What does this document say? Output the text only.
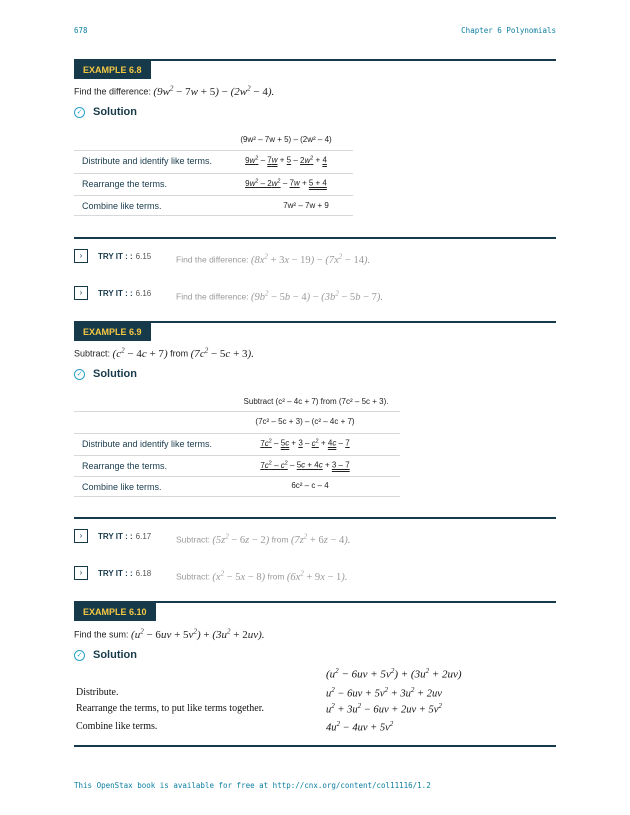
678	Chapter 6 Polynomials
EXAMPLE 6.8
Find the difference: $(9w^2 - 7w + 5) - (2w^2 - 4)$.
✓ Solution
(9w² – 7w + 5) – (2w² – 4)
Distribute and identify like terms.	$9w^2 - 7w + 5 - 2w^2 + 4$
Rearrange the terms.	$9w^2 - 2w^2 - 7w + 5 + 4$
Combine like terms.	7w² – 7w + 9
›	TRY IT : : 6.15	Find the difference: $(8x^2 + 3x - 19) - (7x^2 - 14)$.
›	TRY IT : : 6.16	Find the difference: $(9b^2 - 5b - 4) - (3b^2 - 5b - 7)$.
EXAMPLE 6.9
Subtract: $(c^2 - 4c + 7)$ from $(7c^2 - 5c + 3)$.
✓ Solution
Subtract (c² – 4c + 7) from (7c² – 5c + 3).
(7c² – 5c + 3) – (c² – 4c + 7)
Distribute and identify like terms.	$7c^2 - 5c + 3 - c^2 + 4c - 7$
Rearrange the terms.	$7c^2 - c^2 - 5c + 4c + 3 - 7$
Combine like terms.	6c² – c – 4
›	TRY IT : : 6.17	Subtract: $(5z^2 - 6z - 2)$ from $(7z^2 + 6z - 4)$.
›	TRY IT : : 6.18	Subtract: $(x^2 - 5x - 8)$ from $(6x^2 + 9x - 1)$.
EXAMPLE 6.10
Find the sum: $(u^2 - 6uv + 5v^2) + (3u^2 + 2uv)$.
✓ Solution
$(u^2 - 6uv + 5v^2) + (3u^2 + 2uv)$
Distribute.	$u^2 - 6uv + 5v^2 + 3u^2 + 2uv$
Rearrange the terms, to put like terms together.	$u^2 + 3u^2 - 6uv + 2uv + 5v^2$
Combine like terms.	$4u^2 - 4uv + 5v^2$
This OpenStax book is available for free at http://cnx.org/content/col11116/1.2
